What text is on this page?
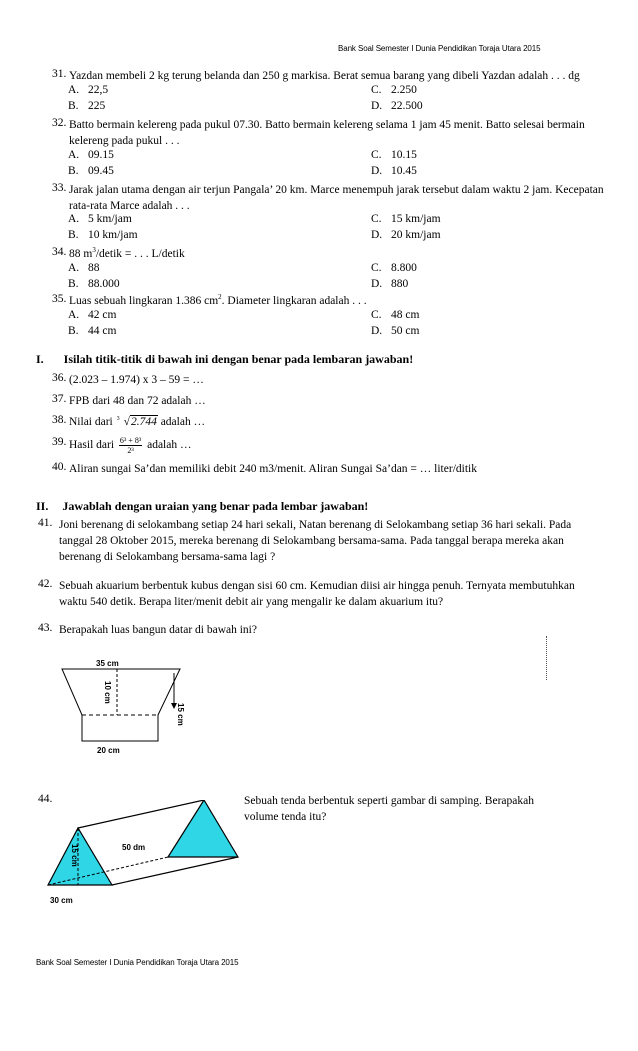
Bank Soal Semester I Dunia Pendidikan Toraja Utara 2015
31. Yazdan membeli 2 kg terung belanda dan 250 g markisa. Berat semua barang yang dibeli Yazdan adalah . . . dg
A. 22,5	C. 2.250
B. 225	D. 22.500
32. Batto bermain kelereng pada pukul 07.30. Batto bermain kelereng selama 1 jam 45 menit. Batto selesai bermain kelereng pada pukul . . .
A. 09.15	C. 10.15
B. 09.45	D. 10.45
33. Jarak jalan utama dengan air terjun Pangala’ 20 km. Marce menempuh jarak tersebut dalam waktu 2 jam. Kecepatan rata-rata Marce adalah . . .
A. 5 km/jam	C. 15 km/jam
B. 10 km/jam	D. 20 km/jam
34. 88 $m^3$/detik = . . . L/detik
A. 88	C. 8.800
B. 88.000	D. 880
35. Luas sebuah lingkaran 1.386 $cm^2$. Diameter lingkaran adalah . . .
A. 42 cm	C. 48 cm
B. 44 cm	D. 50 cm
I. Isilah titik-titik di bawah ini dengan benar pada lembaran jawaban!
36. (2.023 – 1.974) x 3 – 59 = …
37. FPB dari 48 dan 72 adalah …
38. Nilai dari 3 √2.744 adalah …
39. Hasil dari $\frac{\text{6³ + 8³}}{\text{2³}}$ adalah …
40. Aliran sungai Sa’dan memiliki debit 240 m3/menit. Aliran Sungai Sa’dan = … liter/ditik
II. Jawablah dengan uraian yang benar pada lembar jawaban!
41. Joni berenang di selokambang setiap 24 hari sekali, Natan berenang di Selokambang setiap 36 hari sekali. Pada tanggal 28 Oktober 2015, mereka berenang di Selokambang bersama-sama. Pada tanggal berapa mereka akan berenang di Selokambang bersama-sama lagi ?
42. Sebuah akuarium berbentuk kubus dengan sisi 60 cm. Kemudian diisi air hingga penuh. Ternyata membutuhkan waktu 540 detik. Berapa liter/menit debit air yang mengalir ke dalam akuarium itu?
43. Berapakah luas bangun datar di bawah ini?
35 cm
10 cm
15 cm
20 cm
44.	Sebuah tenda berbentuk seperti gambar di samping. Berapakah volume tenda itu?
50 dm
15 cm
30 cm
Bank Soal Semester I Dunia Pendidikan Toraja Utara 2015
